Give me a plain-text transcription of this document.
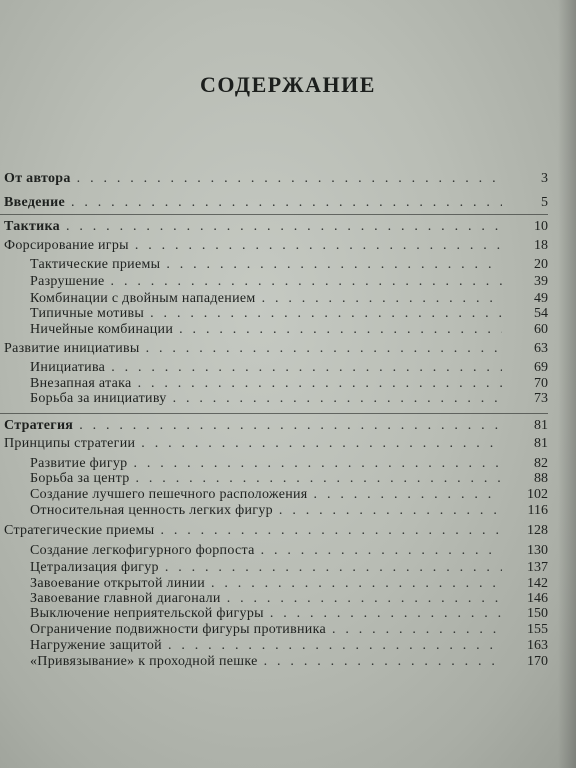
СОДЕРЖАНИЕ
От автора . . .	3
Введение . . .	5
Тактика . . .	10
Форсирование игры . . .	18
Тактические приемы . . .	20
Разрушение . . .	39
Комбинации с двойным нападением . . .	49
Типичные мотивы . . .	54
Ничейные комбинации . . .	60
Развитие инициативы . . .	63
Инициатива . . .	69
Внезапная атака . . .	70
Борьба за инициативу . . .	73
Стратегия . . .	81
Принципы стратегии . . .	81
Развитие фигур . . .	82
Борьба за центр . . .	88
Создание лучшего пешечного расположения . . .	102
Относительная ценность легких фигур . . .	116
Стратегические приемы . . .	128
Создание легкофигурного форпоста . . .	130
Цетрализация фигур . . .	137
Завоевание открытой линии . . .	142
Завоевание главной диагонали . . .	146
Выключение неприятельской фигуры . . .	150
Ограничение подвижности фигуры противника . . .	155
Нагружение защитой . . .	163
«Привязывание» к проходной пешке . . .	170
